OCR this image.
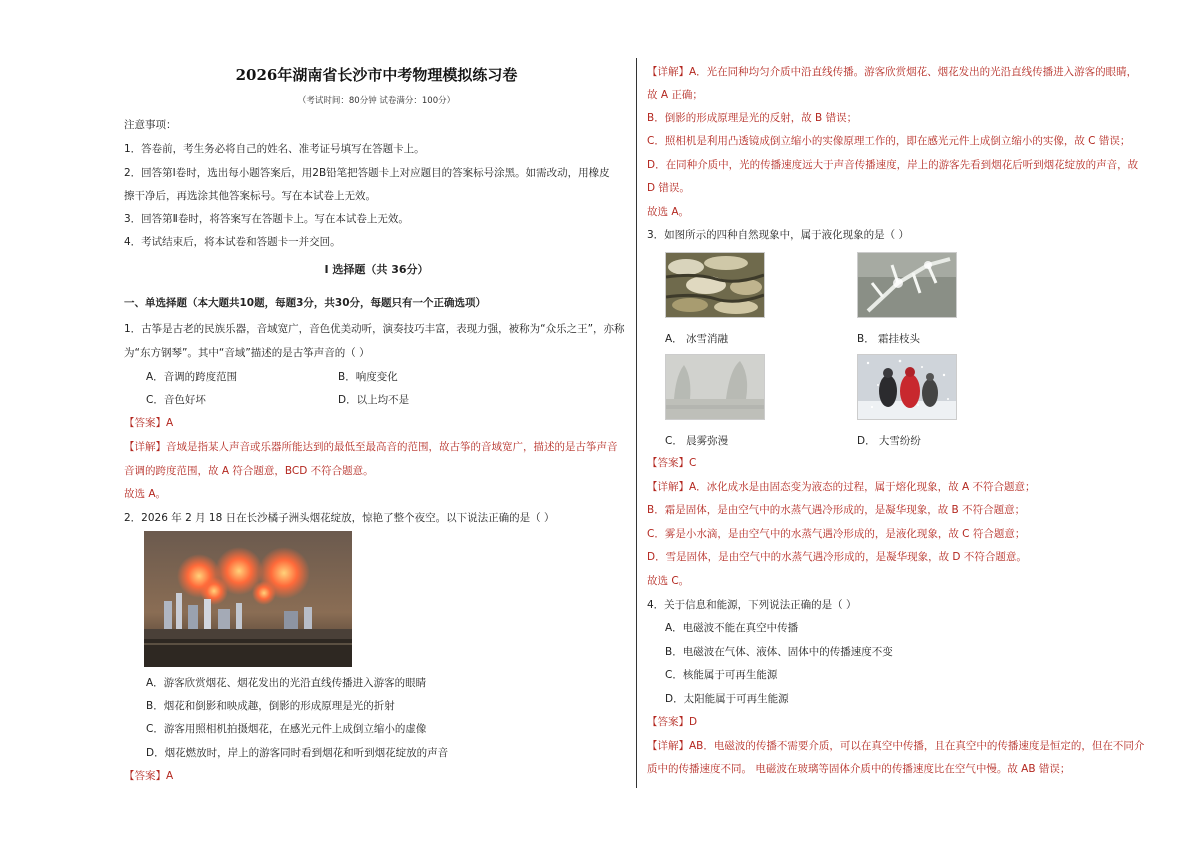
2026年湖南省长沙市中考物理模拟练习卷
（考试时间：80分钟 试卷满分：100分）
注意事项：
1．答卷前，考生务必将自己的姓名、准考证号填写在答题卡上。
2．回答第Ⅰ卷时，选出每小题答案后，用2B铅笔把答题卡上对应题目的答案标号涂黑。如需改动，用橡皮
擦干净后，再选涂其他答案标号。写在本试卷上无效。
3．回答第Ⅱ卷时，将答案写在答题卡上。写在本试卷上无效。
4．考试结束后，将本试卷和答题卡一并交回。
Ⅰ 选择题（共 36分）
一、单选择题（本大题共10题，每题3分，共30分，每题只有一个正确选项）
1．古筝是古老的民族乐器，音域宽广，音色优美动听，演奏技巧丰富，表现力强，被称为“众乐之王”，亦称
为“东方钢琴”。其中“音域”描述的是古筝声音的（ ）
A．音调的跨度范围	B．响度变化
C．音色好坏	D．以上均不是
【答案】A
【详解】音域是指某人声音或乐器所能达到的最低至最高音的范围，故古筝的音域宽广，描述的是古筝声音
音调的跨度范围，故 A 符合题意，BCD 不符合题意。
故选 A。
2．2026 年 2 月 18 日在长沙橘子洲头烟花绽放，惊艳了整个夜空。以下说法正确的是（ ）
A．游客欣赏烟花、烟花发出的光沿直线传播进入游客的眼睛
B．烟花和倒影和映成趣，倒影的形成原理是光的折射
C．游客用照相机拍摄烟花，在感光元件上成倒立缩小的虚像
D．烟花燃放时，岸上的游客同时看到烟花和听到烟花绽放的声音
【答案】A
【详解】A．光在同种均匀介质中沿直线传播。游客欣赏烟花、烟花发出的光沿直线传播进入游客的眼睛，
故 A 正确；
B．倒影的形成原理是光的反射，故 B 错误；
C．照相机是利用凸透镜成倒立缩小的实像原理工作的，即在感光元件上成倒立缩小的实像，故 C 错误；
D．在同种介质中，光的传播速度远大于声音传播速度，岸上的游客先看到烟花后听到烟花绽放的声音，故
D 错误。
故选 A。
3．如图所示的四种自然现象中，属于液化现象的是（ ）
A． 冰雪消融	B． 霜挂枝头
C． 晨雾弥漫	D． 大雪纷纷
【答案】C
【详解】A．冰化成水是由固态变为液态的过程，属于熔化现象，故 A 不符合题意；
B．霜是固体，是由空气中的水蒸气遇冷形成的，是凝华现象，故 B 不符合题意；
C．雾是小水滴，是由空气中的水蒸气遇冷形成的，是液化现象，故 C 符合题意；
D．雪是固体，是由空气中的水蒸气遇冷形成的，是凝华现象，故 D 不符合题意。
故选 C。
4．关于信息和能源，下列说法正确的是（ ）
A．电磁波不能在真空中传播
B．电磁波在气体、液体、固体中的传播速度不变
C．核能属于可再生能源
D．太阳能属于可再生能源
【答案】D
【详解】AB．电磁波的传播不需要介质，可以在真空中传播，且在真空中的传播速度是恒定的，但在不同介
质中的传播速度不同。 电磁波在玻璃等固体介质中的传播速度比在空气中慢。故 AB 错误；
